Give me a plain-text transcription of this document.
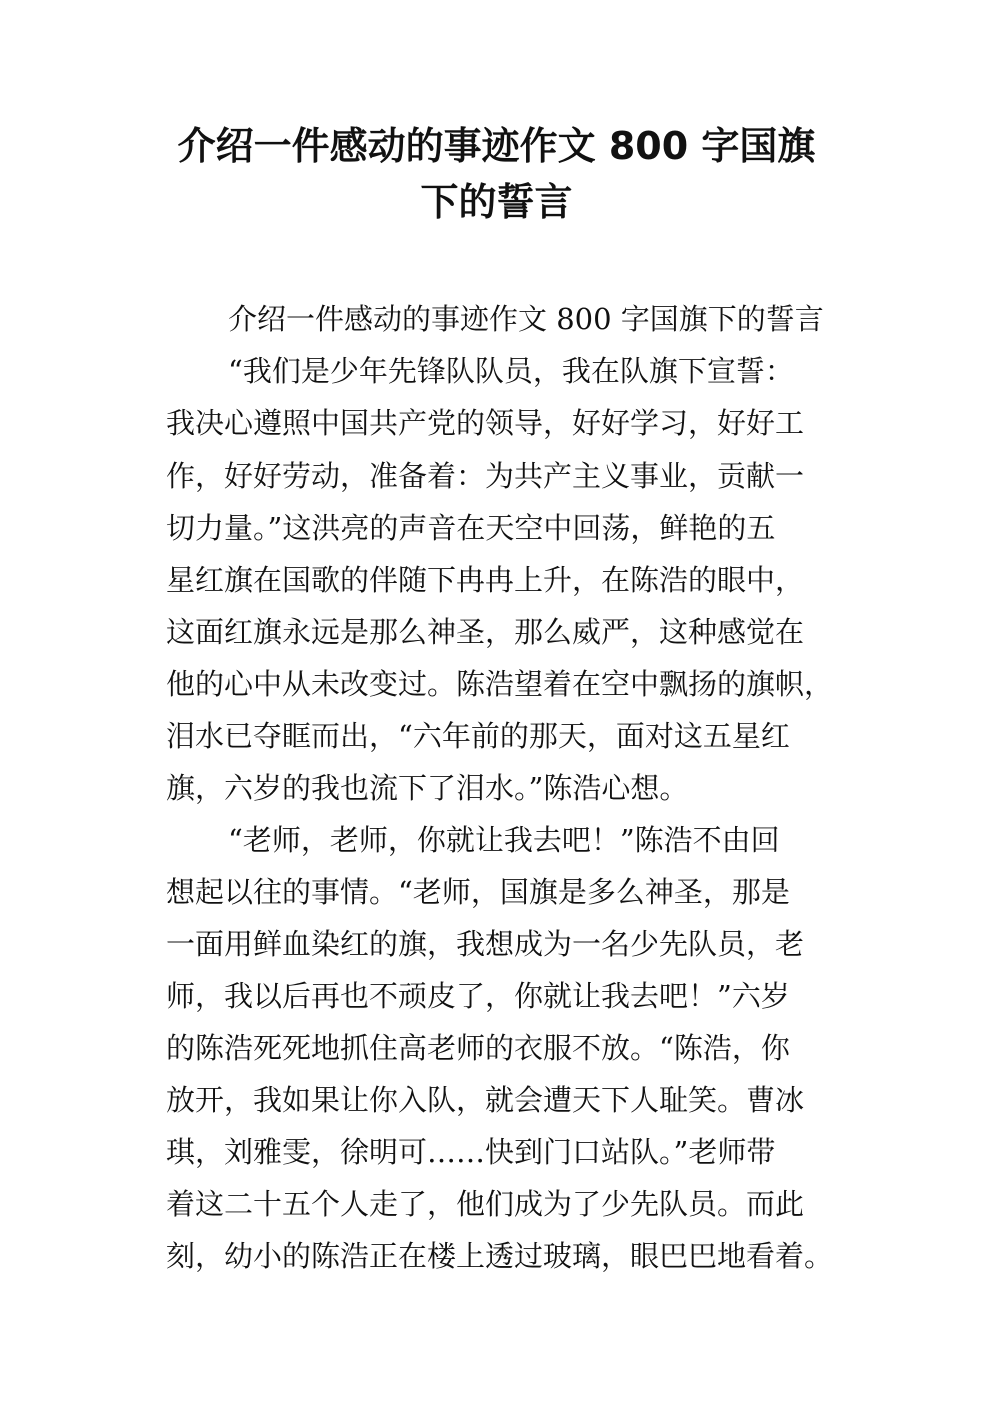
介绍一件感动的事迹作文 800 字国旗
下的誓言
介绍一件感动的事迹作文 800 字国旗下的誓言
“我们是少年先锋队队员，我在队旗下宣誓：
我决心遵照中国共产党的领导，好好学习，好好工
作，好好劳动，准备着：为共产主义事业，贡献一
切力量。”这洪亮的声音在天空中回荡，鲜艳的五
星红旗在国歌的伴随下冉冉上升，在陈浩的眼中，
这面红旗永远是那么神圣，那么威严，这种感觉在
他的心中从未改变过。陈浩望着在空中飘扬的旗帜，
泪水已夺眶而出，“六年前的那天，面对这五星红
旗，六岁的我也流下了泪水。”陈浩心想。
“老师，老师，你就让我去吧！”陈浩不由回
想起以往的事情。“老师，国旗是多么神圣，那是
一面用鲜血染红的旗，我想成为一名少先队员，老
师，我以后再也不顽皮了，你就让我去吧！”六岁
的陈浩死死地抓住高老师的衣服不放。“陈浩，你
放开，我如果让你入队，就会遭天下人耻笑。曹冰
琪，刘雅雯，徐明可……快到门口站队。”老师带
着这二十五个人走了，他们成为了少先队员。而此
刻，幼小的陈浩正在楼上透过玻璃，眼巴巴地看着。
